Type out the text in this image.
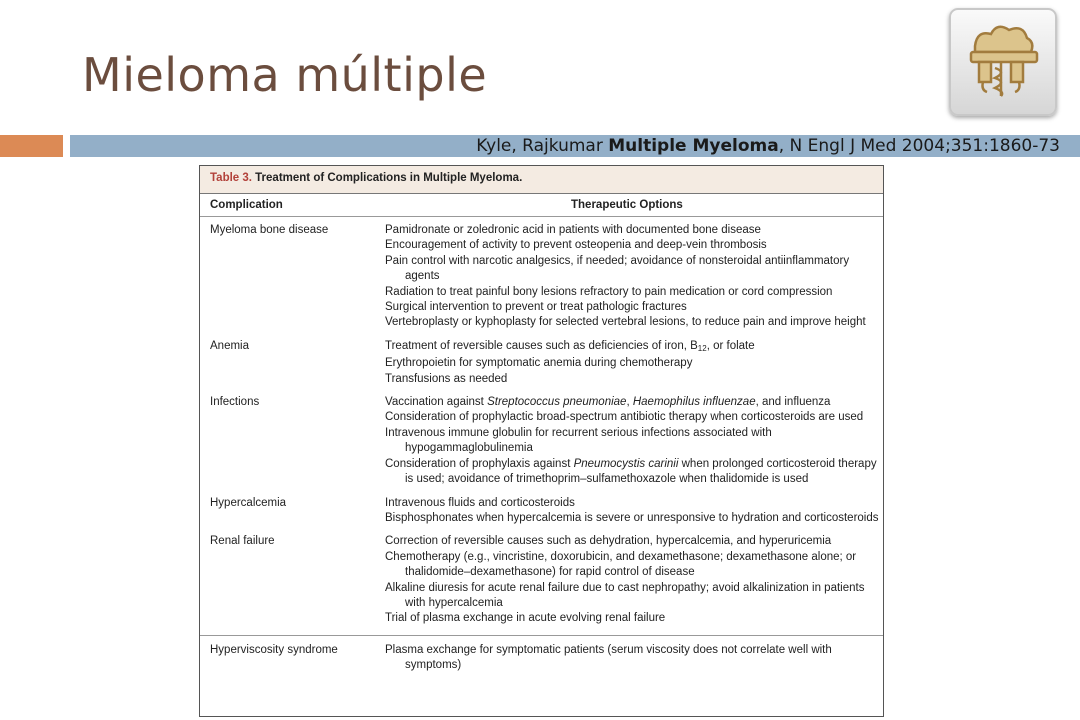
Mieloma múltiple
Kyle, Rajkumar Multiple Myeloma, N Engl J Med 2004;351:1860-73
Table 3. Treatment of Complications in Multiple Myeloma.
Complication	Therapeutic Options
Myeloma bone disease	Pamidronate or zoledronic acid in patients with documented bone disease
Encouragement of activity to prevent osteopenia and deep-vein thrombosis
Pain control with narcotic analgesics, if needed; avoidance of nonsteroidal antiinflammatory agents
Radiation to treat painful bony lesions refractory to pain medication or cord compression
Surgical intervention to prevent or treat pathologic fractures
Vertebroplasty or kyphoplasty for selected vertebral lesions, to reduce pain and improve height
Anemia	Treatment of reversible causes such as deficiencies of iron, $B_{12}$, or folate
Erythropoietin for symptomatic anemia during chemotherapy
Transfusions as needed
Infections	Vaccination against Streptococcus pneumoniae, Haemophilus influenzae, and influenza
Consideration of prophylactic broad-spectrum antibiotic therapy when corticosteroids are used
Intravenous immune globulin for recurrent serious infections associated with hypogammaglobulinemia
Consideration of prophylaxis against Pneumocystis carinii when prolonged corticosteroid therapy is used; avoidance of trimethoprim–sulfamethoxazole when thalidomide is used
Hypercalcemia	Intravenous fluids and corticosteroids
Bisphosphonates when hypercalcemia is severe or unresponsive to hydration and corticosteroids
Renal failure	Correction of reversible causes such as dehydration, hypercalcemia, and hyperuricemia
Chemotherapy (e.g., vincristine, doxorubicin, and dexamethasone; dexamethasone alone; or thalidomide–dexamethasone) for rapid control of disease
Alkaline diuresis for acute renal failure due to cast nephropathy; avoid alkalinization in patients with hypercalcemia
Trial of plasma exchange in acute evolving renal failure
Hyperviscosity syndrome	Plasma exchange for symptomatic patients (serum viscosity does not correlate well with symptoms)
